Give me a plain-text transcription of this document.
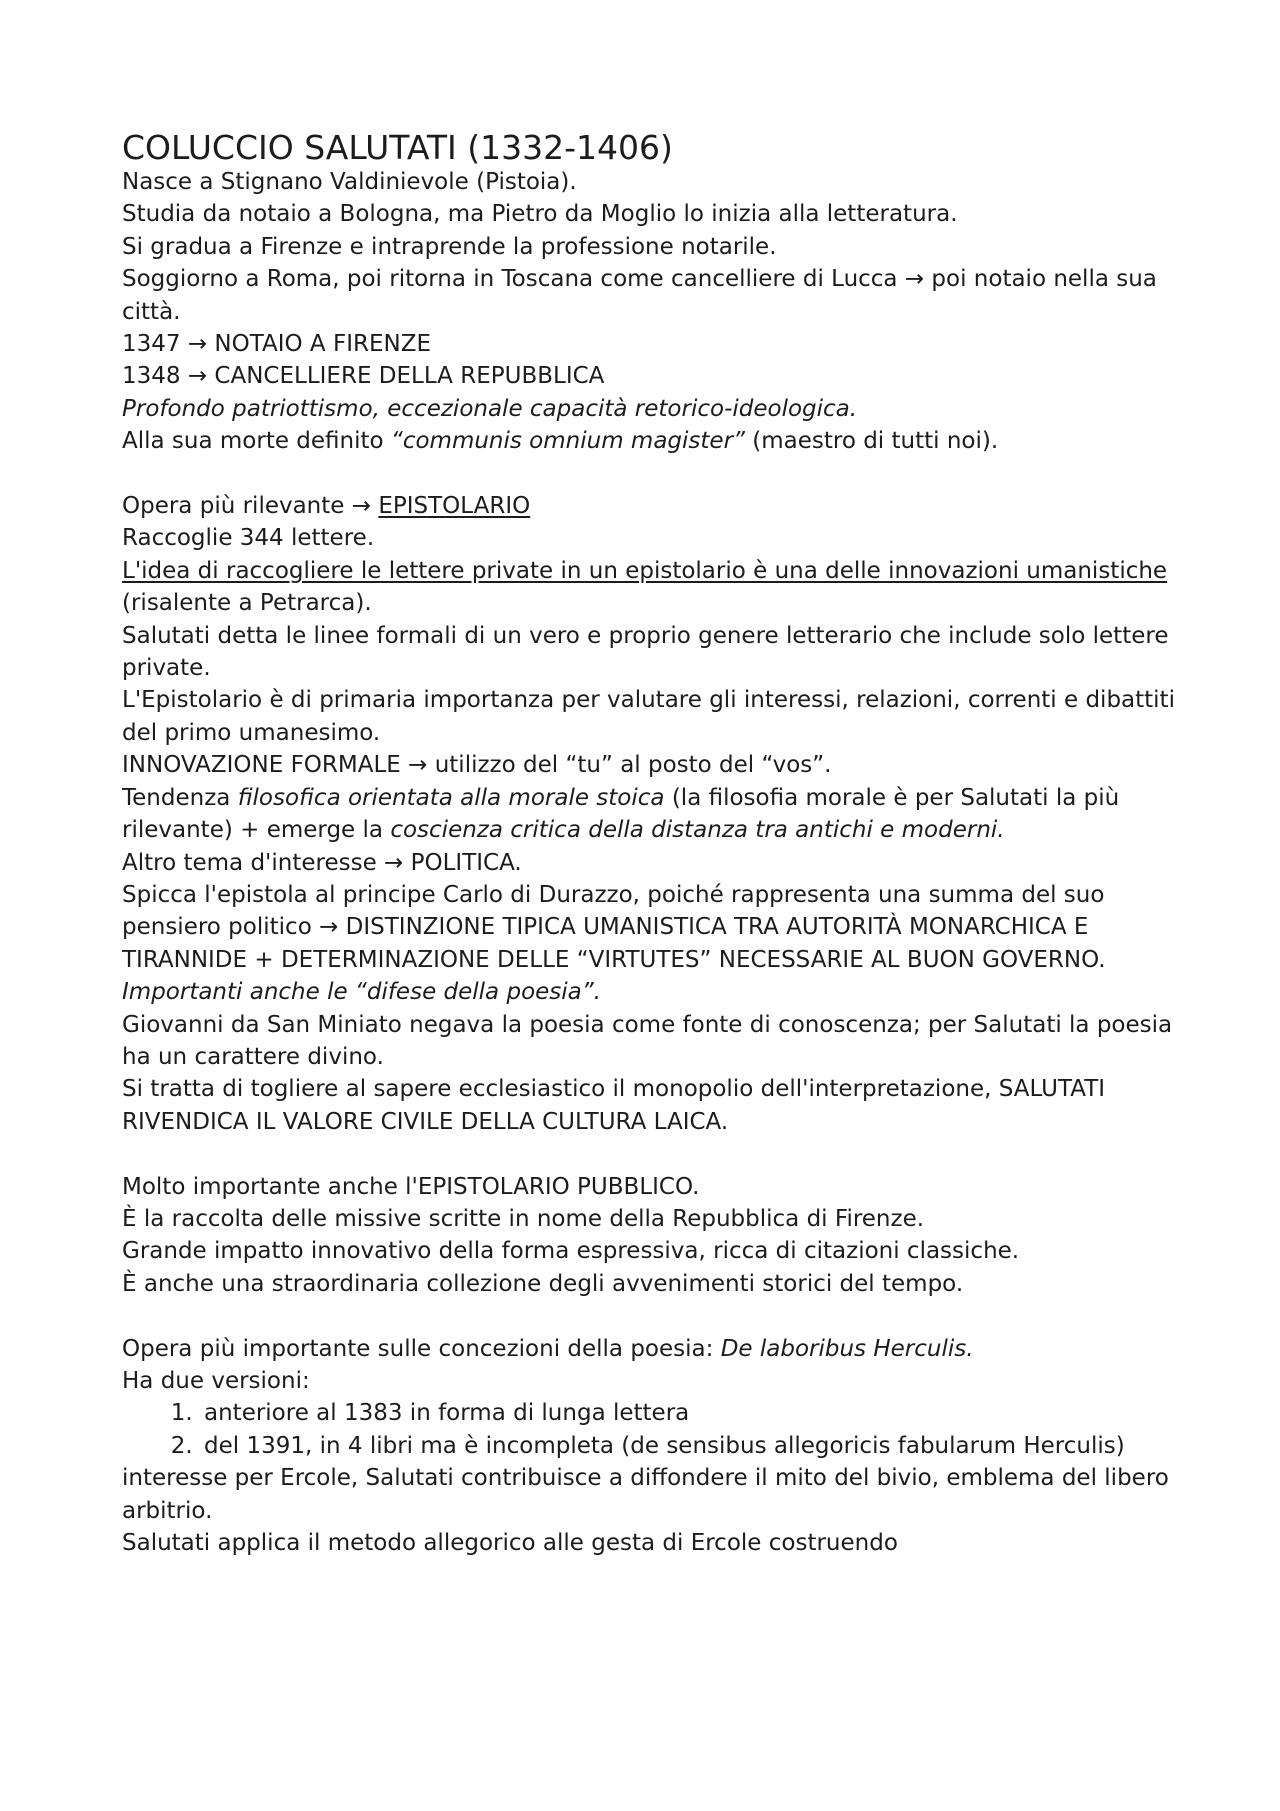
COLUCCIO SALUTATI (1332-1406)

Nasce a Stignano Valdinievole (Pistoia).

Studia da notaio a Bologna, ma Pietro da Moglio lo inizia alla letteratura.

Si gradua a Firenze e intraprende la professione notarile.

Soggiorno a Roma, poi ritorna in Toscana come cancelliere di Lucca → poi notaio nella sua città.

1347 → NOTAIO A FIRENZE

1348 → CANCELLIERE DELLA REPUBBLICA

Profondo patriottismo, eccezionale capacità retorico-ideologica.

Alla sua morte definito “communis omnium magister” (maestro di tutti noi).

Opera più rilevante → EPISTOLARIO

Raccoglie 344 lettere.

L'idea di raccogliere le lettere private in un epistolario è una delle innovazioni umanistiche (risalente a Petrarca).

Salutati detta le linee formali di un vero e proprio genere letterario che include solo lettere private.

L'Epistolario è di primaria importanza per valutare gli interessi, relazioni, correnti e dibattiti del primo umanesimo.

INNOVAZIONE FORMALE → utilizzo del “tu” al posto del “vos”.

Tendenza filosofica orientata alla morale stoica (la filosofia morale è per Salutati la più rilevante) + emerge la coscienza critica della distanza tra antichi e moderni.

Altro tema d'interesse → POLITICA.

Spicca l'epistola al principe Carlo di Durazzo, poiché rappresenta una summa del suo pensiero politico → DISTINZIONE TIPICA UMANISTICA TRA AUTORITÀ MONARCHICA E TIRANNIDE + DETERMINAZIONE DELLE “VIRTUTES” NECESSARIE AL BUON GOVERNO.

Importanti anche le “difese della poesia”.

Giovanni da San Miniato negava la poesia come fonte di conoscenza; per Salutati la poesia ha un carattere divino.

Si tratta di togliere al sapere ecclesiastico il monopolio dell'interpretazione, SALUTATI RIVENDICA IL VALORE CIVILE DELLA CULTURA LAICA.

Molto importante anche l'EPISTOLARIO PUBBLICO.

È la raccolta delle missive scritte in nome della Repubblica di Firenze.

Grande impatto innovativo della forma espressiva, ricca di citazioni classiche.

È anche una straordinaria collezione degli avvenimenti storici del tempo.

Opera più importante sulle concezioni della poesia: De laboribus Herculis.

Ha due versioni:

1. anteriore al 1383 in forma di lunga lettera
2. del 1391, in 4 libri ma è incompleta (de sensibus allegoricis fabularum Herculis)

interesse per Ercole, Salutati contribuisce a diffondere il mito del bivio, emblema del libero arbitrio.

Salutati applica il metodo allegorico alle gesta di Ercole costruendo
